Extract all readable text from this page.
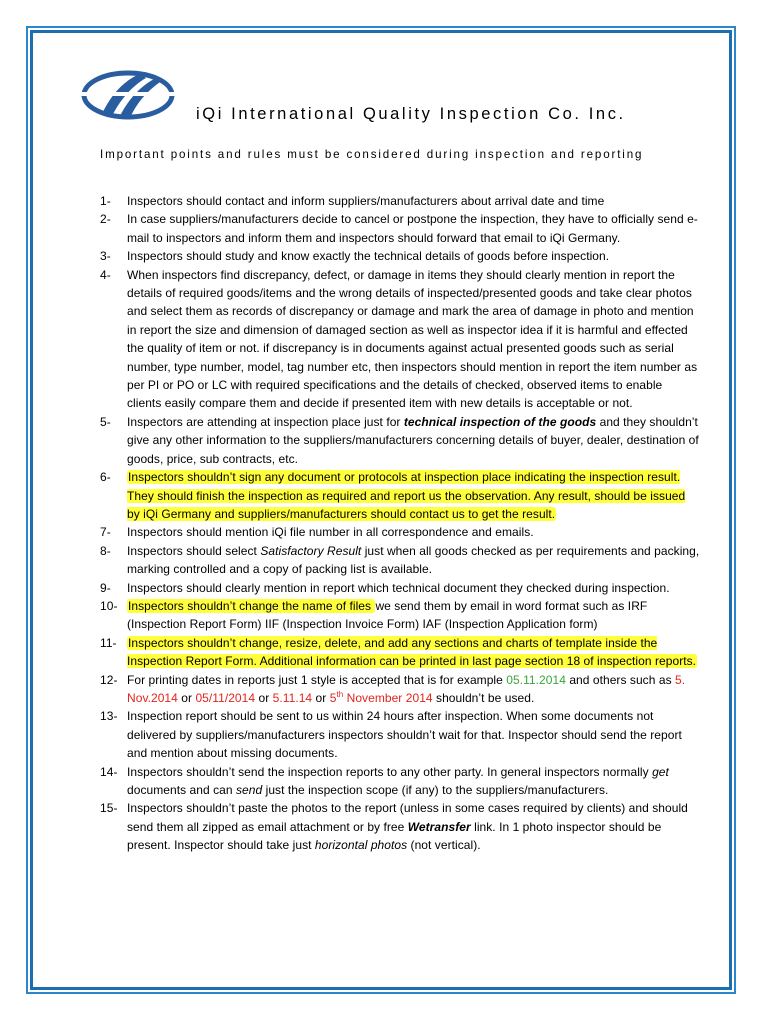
iQi International Quality Inspection Co. Inc.
Important points and rules must be considered during inspection and reporting
1- Inspectors should contact and inform suppliers/manufacturers about arrival date and time
2- In case suppliers/manufacturers decide to cancel or postpone the inspection, they have to officially send e-mail to inspectors and inform them and inspectors should forward that email to iQi Germany.
3- Inspectors should study and know exactly the technical details of goods before inspection.
4- When inspectors find discrepancy, defect, or damage in items they should clearly mention in report the details of required goods/items and the wrong details of inspected/presented goods and take clear photos and select them as records of discrepancy or damage and mark the area of damage in photo and mention in report the size and dimension of damaged section as well as inspector idea if it is harmful and effected the quality of item or not. if discrepancy is in documents against actual presented goods such as serial number, type number, model, tag number etc, then inspectors should mention in report the item number as per PI or PO or LC with required specifications and the details of checked, observed items to enable clients easily compare them and decide if presented item with new details is acceptable or not.
5- Inspectors are attending at inspection place just for technical inspection of the goods and they shouldn’t give any other information to the suppliers/manufacturers concerning details of buyer, dealer, destination of goods, price, sub contracts, etc.
6- Inspectors shouldn’t sign any document or protocols at inspection place indicating the inspection result. They should finish the inspection as required and report us the observation. Any result, should be issued by iQi Germany and suppliers/manufacturers should contact us to get the result.
7- Inspectors should mention iQi file number in all correspondence and emails.
8- Inspectors should select Satisfactory Result just when all goods checked as per requirements and packing, marking controlled and a copy of packing list is available.
9- Inspectors should clearly mention in report which technical document they checked during inspection.
10- Inspectors shouldn’t change the name of files we send them by email in word format such as IRF (Inspection Report Form) IIF (Inspection Invoice Form) IAF (Inspection Application form)
11- Inspectors shouldn’t change, resize, delete, and add any sections and charts of template inside the Inspection Report Form. Additional information can be printed in last page section 18 of inspection reports.
12- For printing dates in reports just 1 style is accepted that is for example 05.11.2014 and others such as 5. Nov.2014 or 05/11/2014 or 5.11.14 or 5th November 2014 shouldn’t be used.
13- Inspection report should be sent to us within 24 hours after inspection. When some documents not delivered by suppliers/manufacturers inspectors shouldn’t wait for that. Inspector should send the report and mention about missing documents.
14- Inspectors shouldn’t send the inspection reports to any other party. In general inspectors normally get documents and can send just the inspection scope (if any) to the suppliers/manufacturers.
15- Inspectors shouldn’t paste the photos to the report (unless in some cases required by clients) and should send them all zipped as email attachment or by free Wetransfer link. In 1 photo inspector should be present. Inspector should take just horizontal photos (not vertical).
